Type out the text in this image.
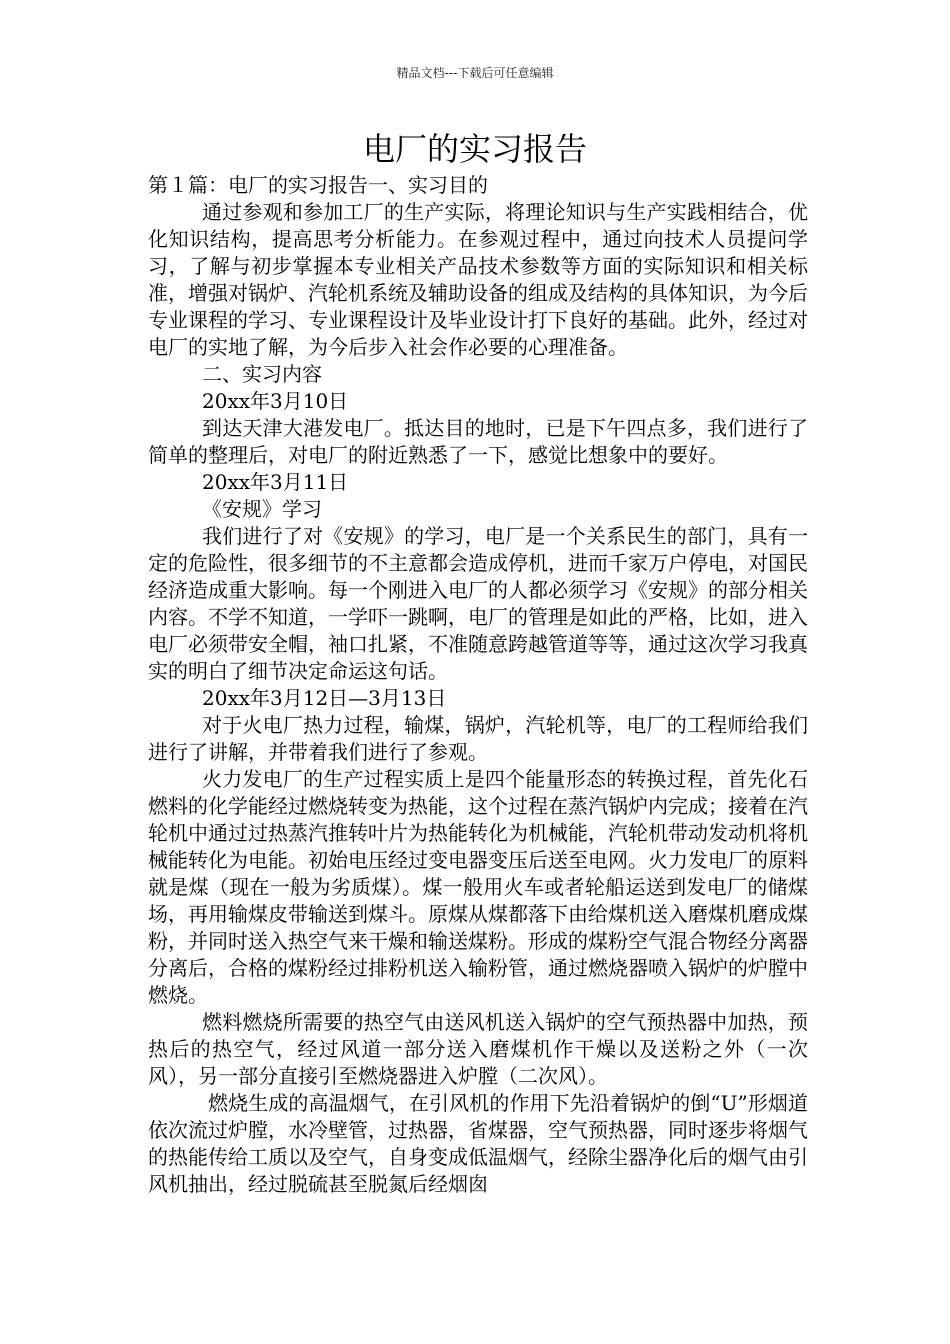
精品文档---下载后可任意编辑
电厂的实习报告

第１篇：电厂的实习报告一、实习目的

通过参观和参加工厂的生产实际，将理论知识与生产实践相结合，优化知识结构，提高思考分析能力。在参观过程中，通过向技术人员提问学习，了解与初步掌握本专业相关产品技术参数等方面的实际知识和相关标准，增强对锅炉、汽轮机系统及辅助设备的组成及结构的具体知识，为今后专业课程的学习、专业课程设计及毕业设计打下良好的基础。此外，经过对电厂的实地了解，为今后步入社会作必要的心理准备。

二、实习内容

20xx年3月10日

到达天津大港发电厂。抵达目的地时，已是下午四点多，我们进行了简单的整理后，对电厂的附近熟悉了一下，感觉比想象中的要好。

20xx年3月11日

《安规》学习

我们进行了对《安规》的学习，电厂是一个关系民生的部门，具有一定的危险性，很多细节的不主意都会造成停机，进而千家万户停电，对国民经济造成重大影响。每一个刚进入电厂的人都必须学习《安规》的部分相关内容。不学不知道，一学吓一跳啊，电厂的管理是如此的严格，比如，进入电厂必须带安全帽，袖口扎紧，不准随意跨越管道等等，通过这次学习我真实的明白了细节决定命运这句话。

20xx年3月12日—3月13日

对于火电厂热力过程，输煤，锅炉，汽轮机等，电厂的工程师给我们进行了讲解，并带着我们进行了参观。

火力发电厂的生产过程实质上是四个能量形态的转换过程，首先化石燃料的化学能经过燃烧转变为热能，这个过程在蒸汽锅炉内完成；接着在汽轮机中通过过热蒸汽推转叶片为热能转化为机械能，汽轮机带动发动机将机械能转化为电能。初始电压经过变电器变压后送至电网。火力发电厂的原料就是煤（现在一般为劣质煤）。煤一般用火车或者轮船运送到发电厂的储煤场，再用输煤皮带输送到煤斗。原煤从煤都落下由给煤机送入磨煤机磨成煤粉，并同时送入热空气来干燥和输送煤粉。形成的煤粉空气混合物经分离器分离后，合格的煤粉经过排粉机送入输粉管，通过燃烧器喷入锅炉的炉膛中燃烧。

燃料燃烧所需要的热空气由送风机送入锅炉的空气预热器中加热，预热后的热空气，经过风道一部分送入磨煤机作干燥以及送粉之外（一次风），另一部分直接引至燃烧器进入炉膛（二次风）。

燃烧生成的高温烟气，在引风机的作用下先沿着锅炉的倒“U”形烟道依次流过炉膛，水冷壁管，过热器，省煤器，空气预热器，同时逐步将烟气的热能传给工质以及空气，自身变成低温烟气，经除尘器净化后的烟气由引风机抽出，经过脱硫甚至脱氮后经烟囱
